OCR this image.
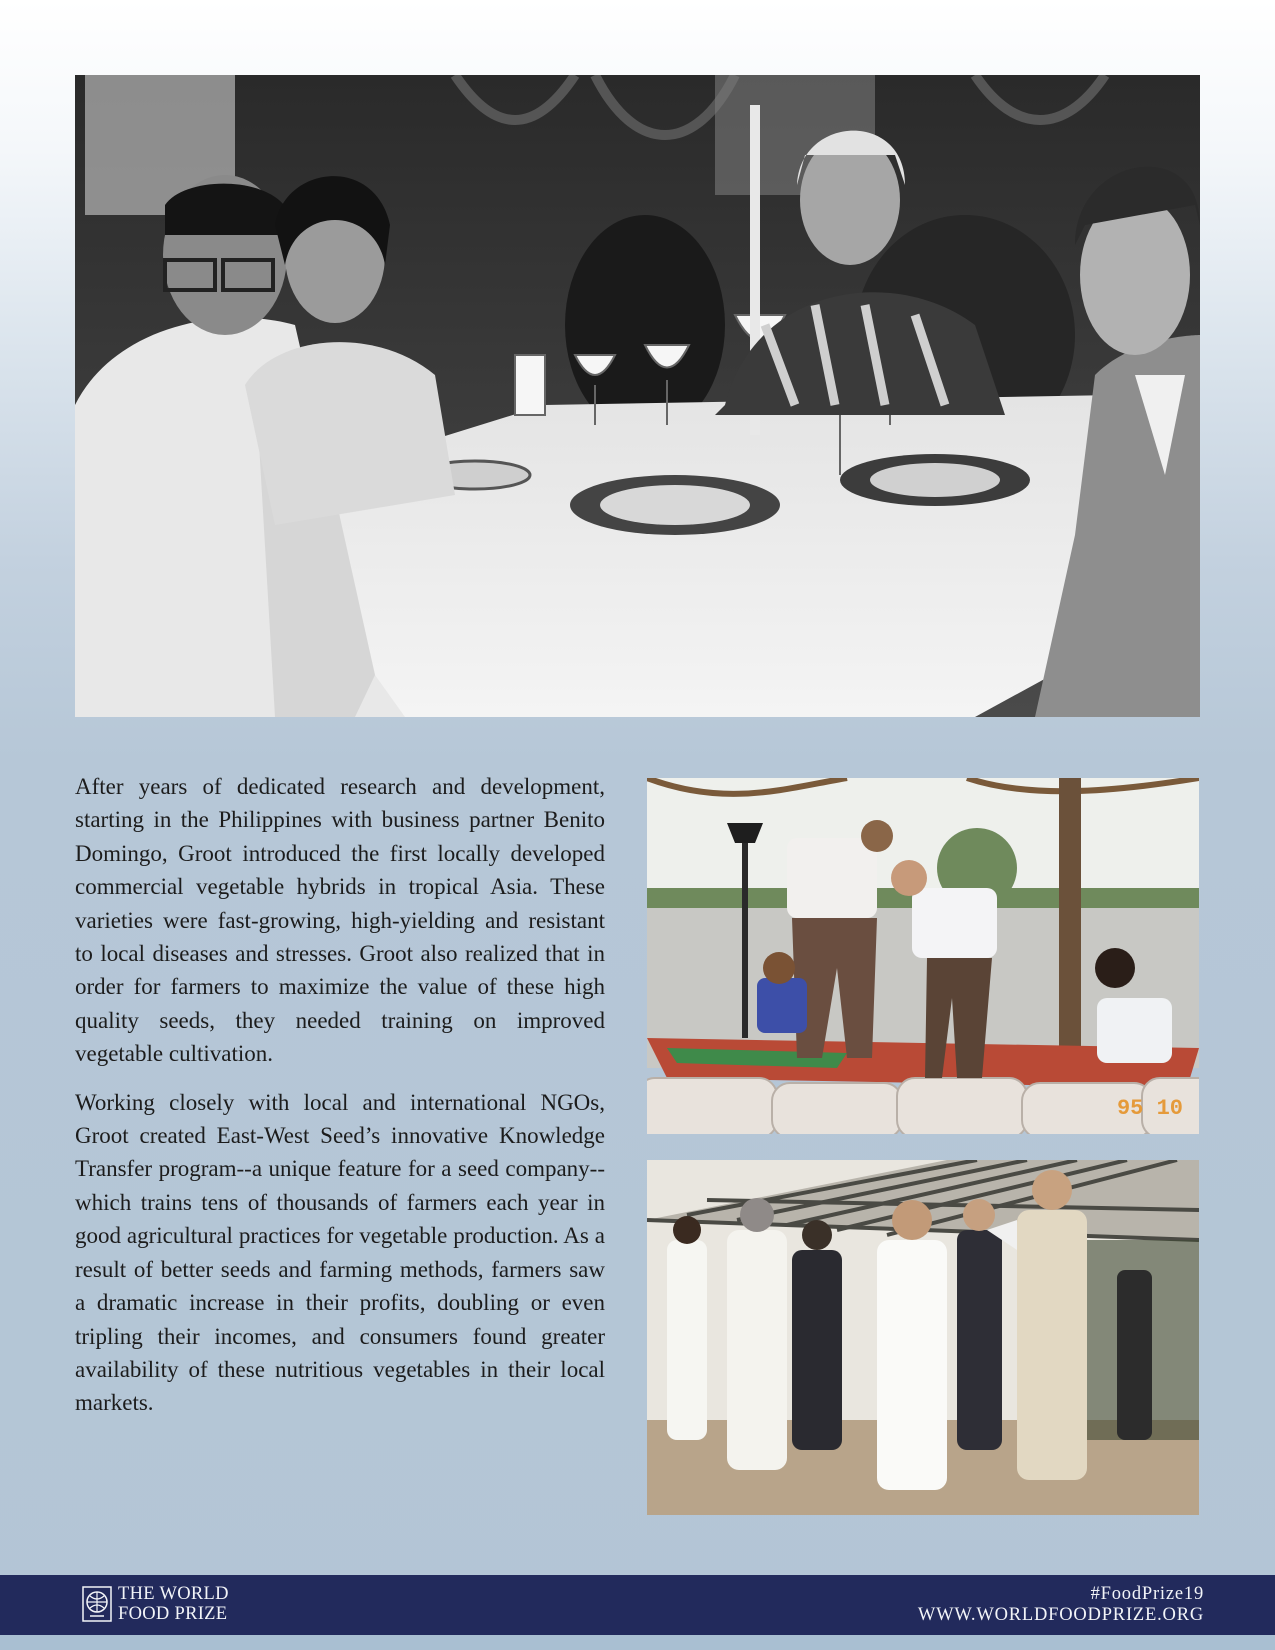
After years of dedicated research and development, starting in the Philippines with business partner Benito Domingo, Groot introduced the first locally developed commercial vegetable hybrids in tropical Asia. These varieties were fast-growing, high-yielding and resistant to local diseases and stresses. Groot also realized that in order for farmers to maximize the value of these high quality seeds, they needed training on improved vegetable cultivation.

Working closely with local and international NGOs, Groot created East-West Seed’s innovative Knowledge Transfer program--a unique feature for a seed company--which trains tens of thousands of farmers each year in good agricultural practices for vegetable production. As a result of better seeds and farming methods, farmers saw a dramatic increase in their profits, doubling or even tripling their incomes, and consumers found greater availability of these nutritious vegetables in their local markets.

95 10
THE WORLD
FOOD PRIZE
#FoodPrize19
WWW.WORLDFOODPRIZE.ORG
